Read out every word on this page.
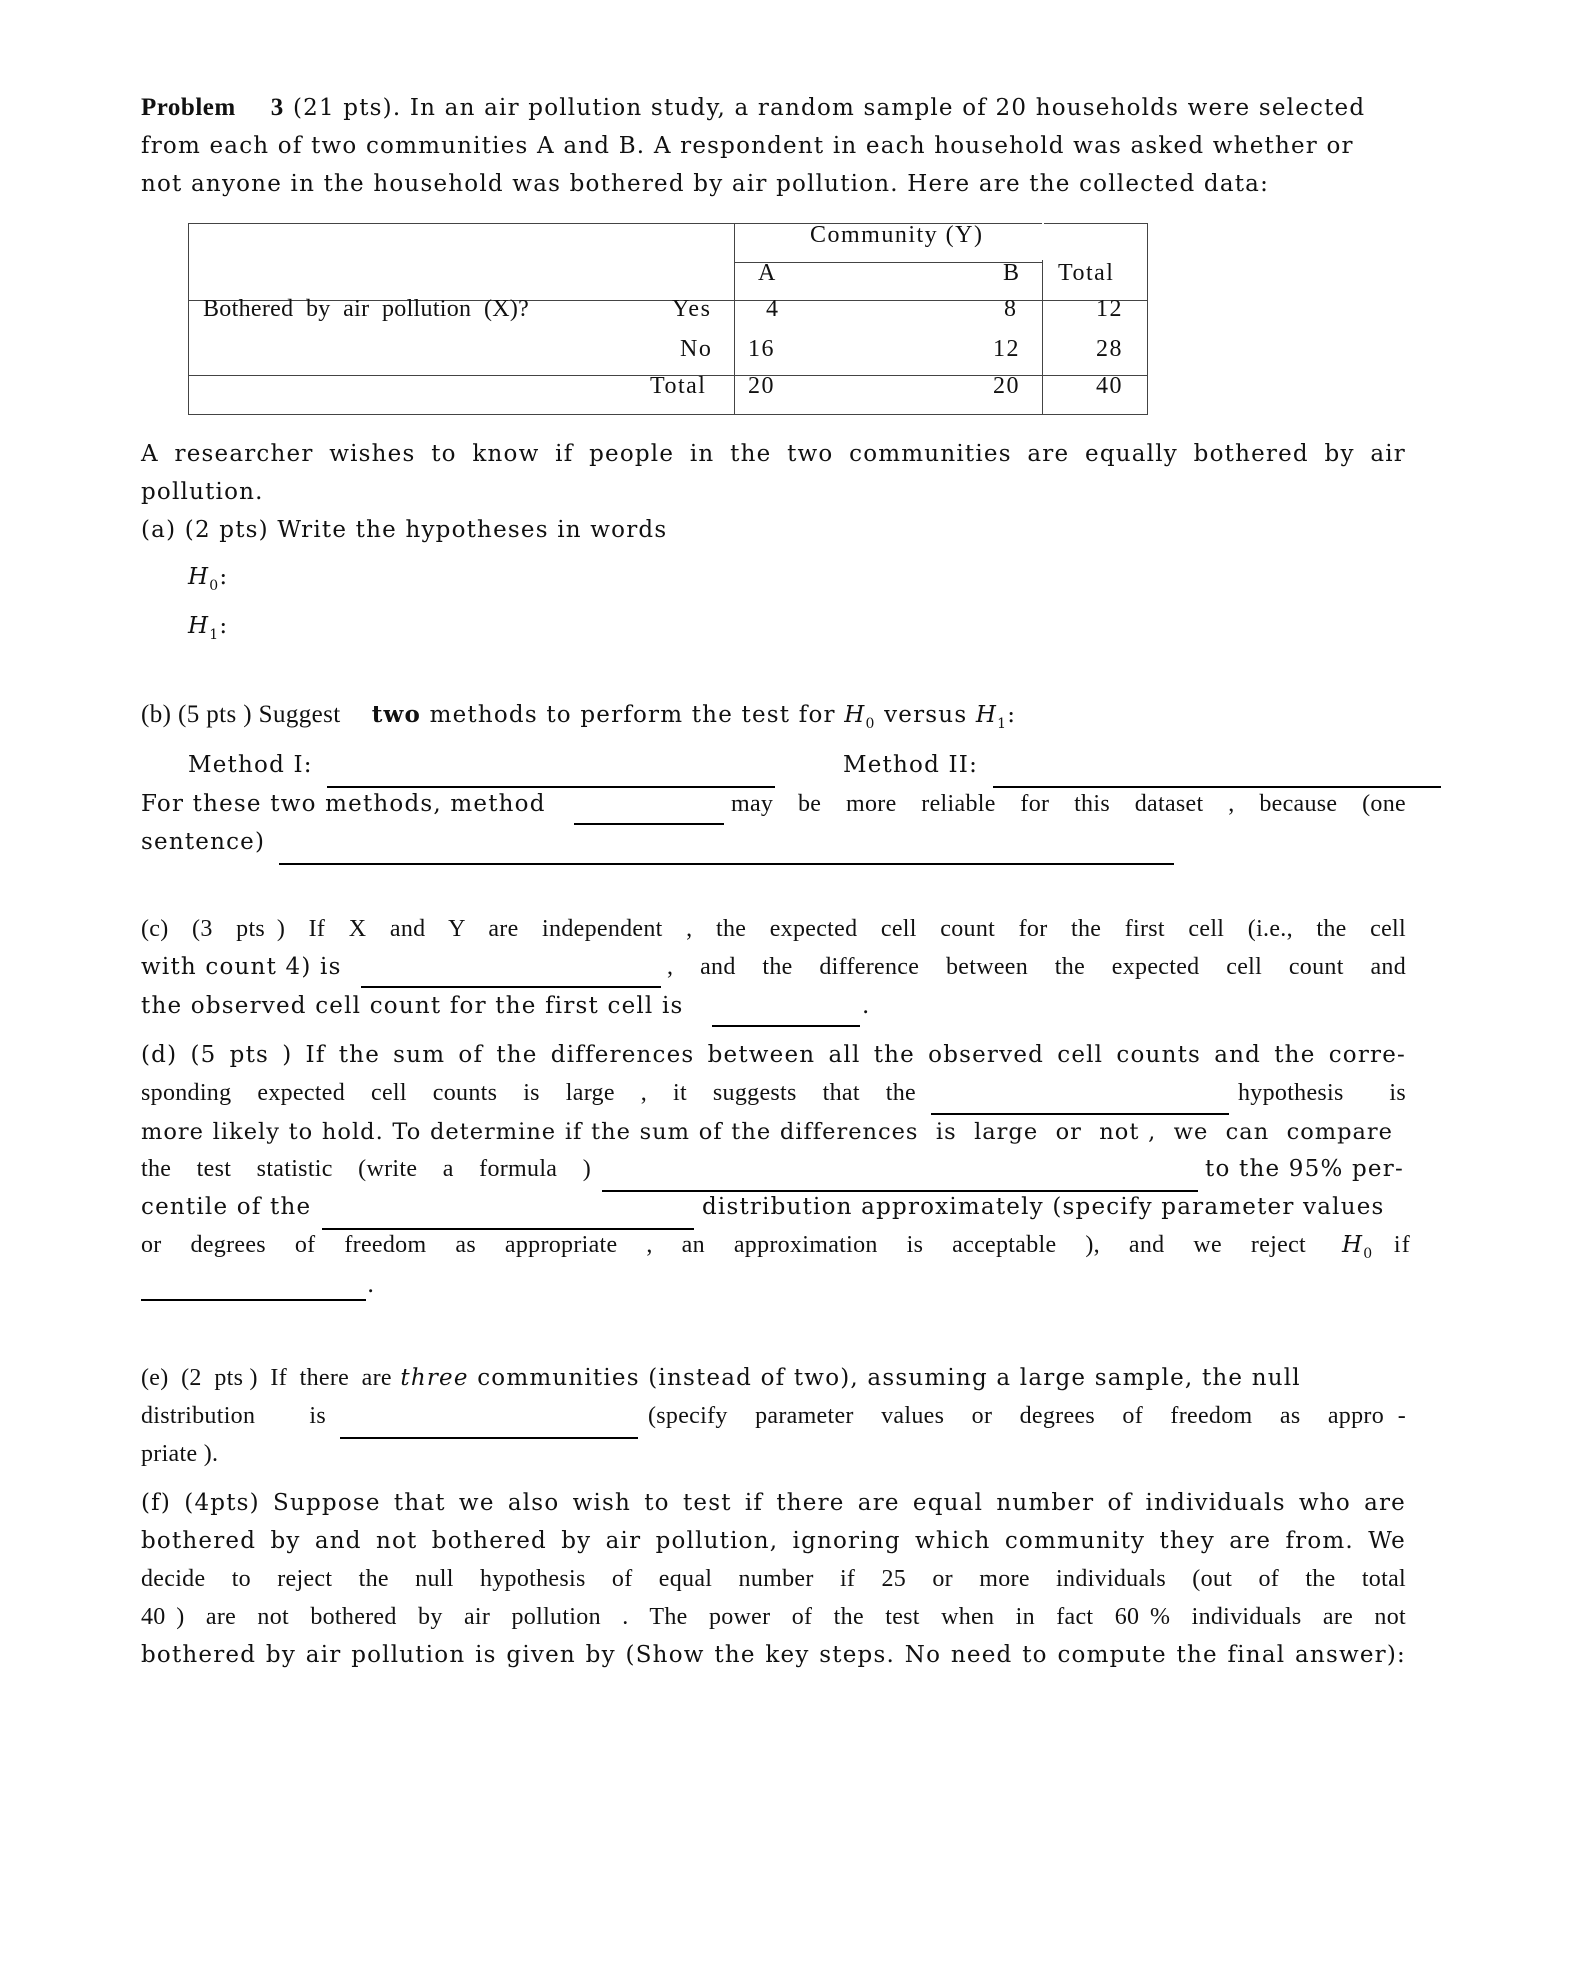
Problem 3 (21 pts). In an air pollution study, a random sample of 20 households were selected
from each of two communities A and B. A respondent in each household was asked whether or
not anyone in the household was bothered by air pollution. Here are the collected data:
Community (Y)
A	B Total
Bothered  by  air  pollution  (X)?	Yes 4	8	12
No 16	12	28
Total 20	20	40
A researcher wishes to know if people in the two communities are equally bothered by air
pollution.
(a) (2 pts) Write the hypotheses in words
$H_0$:
$H_1$:
(b) (5 pts ) Suggest two methods to perform the test for $H_0$ versus $H_1$:
Method I:	Method II:
For these two methods, method	may  be  more  reliable  for  this  dataset  ,  because  (one
sentence)
(c)  (3  pts )  If  X  and  Y  are  independent  ,  the  expected  cell  count  for  the  first  cell  (i.e.,  the  cell
with count 4) is	,  and  the  difference  between  the  expected  cell  count  and
the observed cell count for the first cell is	.
(d) (5 pts ) If the sum of the differences between all the observed cell counts and the corre-
sponding  expected  cell  counts  is  large  ,  it  suggests  that  the	hypothesis  is
more likely to hold. To determine if the sum of the differences  is  large  or  not ,  we  can  compare
the  test  statistic  (write  a  formula  )	to the 95% per-
centile of the	distribution approximately (specify parameter values
or  degrees  of  freedom  as  appropriate  ,  an  approximation  is  acceptable  ),  and  we  reject $H_0$ if
.
(e)  (2  pts )  If  there  are three communities (instead of two), assuming a large sample, the null
distribution  is	(specify  parameter  values  or  degrees  of  freedom  as  appro -
priate ).
(f) (4pts) Suppose that we also wish to test if there are equal number of individuals who are
bothered by and not bothered by air pollution, ignoring which community they are from. We
decide  to  reject  the  null  hypothesis  of  equal  number  if  25  or  more  individuals  (out  of  the  total
40 )  are  not  bothered  by  air  pollution  .  The  power  of  the  test  when  in  fact  60 %  individuals  are  not
bothered by air pollution is given by (Show the key steps. No need to compute the final answer):
